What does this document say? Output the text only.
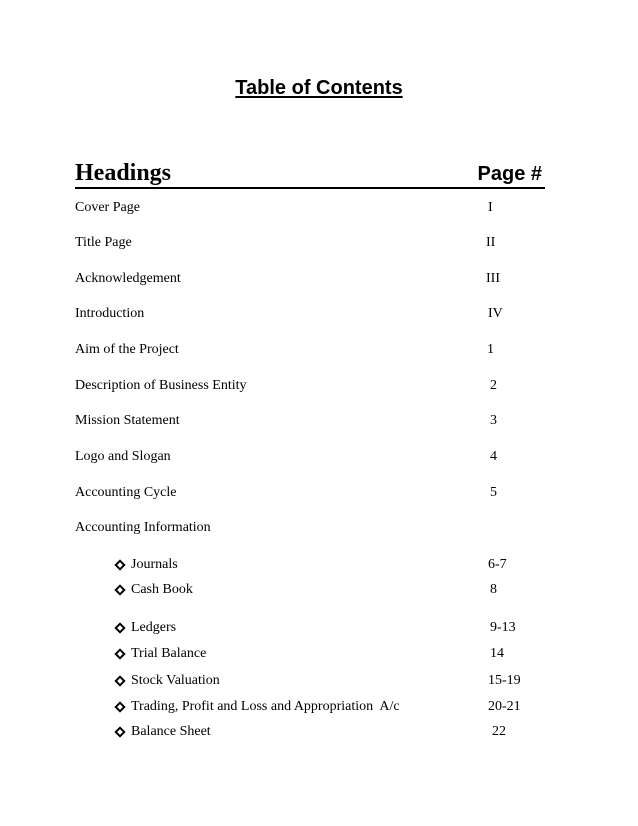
Table of Contents
Headings	Page #
Cover Page	I
Title Page	II
Acknowledgement	III
Introduction	IV
Aim of the Project	1
Description of Business Entity	2
Mission Statement	3
Logo and Slogan	4
Accounting Cycle	5
Accounting Information
Journals	6-7
Cash Book	8
Ledgers	9-13
Trial Balance	14
Stock Valuation	15-19
Trading, Profit and Loss and Appropriation  A/c	20-21
Balance Sheet	22
